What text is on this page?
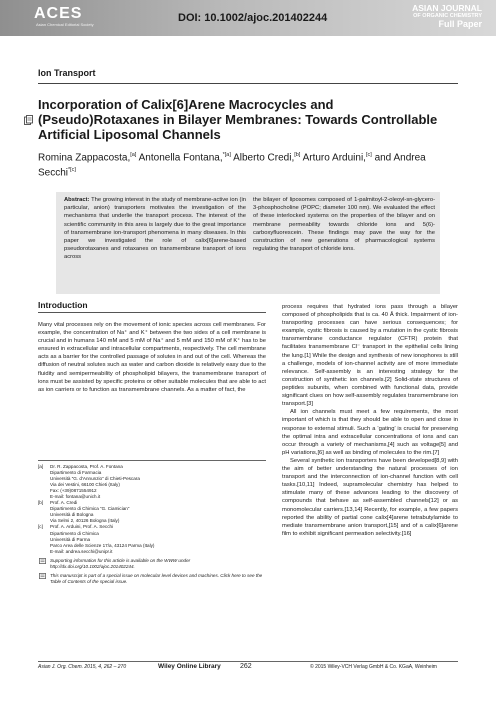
ACES
Asian Chemical Editorial Society
DOI: 10.1002/ajoc.201402244
ASIAN JOURNAL
OF ORGANIC CHEMISTRY
Full Paper
Ion Transport
Incorporation of Calix[6]Arene Macrocycles and (Pseudo)Rotaxanes in Bilayer Membranes: Towards Controllable Artificial Liposomal Channels
Romina Zappacosta,[a] Antonella Fontana,$^{*[a]}$ Alberto Credi,[b] Arturo Arduini,[c] and Andrea Secchi$^{*[c]}$
Abstract: The growing interest in the study of membrane-active ion (in particular, anion) transporters motivates the investigation of the mechanisms that underlie the transport process. The interest of the scientific community in this area is largely due to the great importance of transmembrane ion-transport phenomena in many diseases. In this paper we investigated the role of calix[6]arene-based pseudorotaxanes and rotaxanes on transmembrane transport of ions across
the bilayer of liposomes composed of 1-palmitoyl-2-oleoyl-sn-glycero-3-phosphocholine (POPC; diameter 100 nm). We evaluated the effect of these interlocked systems on the properties of the bilayer and on membrane permeability towards chloride ions and 5(6)-carboxyfluorescein. These findings may pave the way for the construction of new generations of pharmacological systems regulating the transport of chloride ions.
Introduction

Many vital processes rely on the movement of ionic species across cell membranes. For example, the concentration of Na⁺ and K⁺ between the two sides of a cell membrane is crucial and in humans 140 mM and 5 mM of Na⁺ and 5 mM and 150 mM of K⁺ has to be ensured in extracellular and intracellular compartments, respectively. The cell membrane acts as a barrier for the controlled passage of solutes in and out of the cell. Whereas the diffusion of neutral solutes such as water and carbon dioxide is relatively easy due to the fluidity and semipermeability of phospholipid bilayers, the transmembrane transport of ions must be assisted by specific proteins or other suitable molecules that are able to act as ion carriers or to function as transmembrane channels. As a matter of fact, the

process requires that hydrated ions pass through a bilayer composed of phospholipids that is ca. 40 Å thick. Impairment of ion-transporting processes can have serious consequences; for example, cystic fibrosis is caused by a mutation in the cystic fibrosis transmembrane conductance regulator (CFTR) protein that facilitates transmembrane Cl⁻ transport in the epithelial cells lining the lung.[1] While the design and synthesis of new ionophores is still a challenge, models of ion-channel activity are of more immediate relevance. Self-assembly is an interesting strategy for the construction of synthetic ion channels.[2] Solid-state structures of peptides subunits, when combined with functional data, provide significant clues on how self-assembly regulates transmembrane ion transport.[3]

All ion channels must meet a few requirements, the most important of which is that they should be able to open and close in response to external stimuli. Such a ‘gating’ is crucial for preserving the optimal intra and extracellular concentrations of ions and can occur through a variety of mechanisms,[4] such as voltage[5] and pH variations,[6] as well as binding of molecules to the rim.[7]

Several synthetic ion transporters have been developed[8,9] with the aim of better understanding the natural processes of ion transport and the interconnection of ion-channel function with cell tasks.[10,11] Indeed, supramolecular chemistry has helped to stimulate many of these advances leading to the discovery of compounds that behave as self-assembled channels[12] or as monomolecular carriers.[13,14] Recently, for example, a few papers reported the ability of partial cone calix[4]arene tetrabutylamide to mediate transmembrane anion transport,[15] and of a calix[6]arene film to exhibit significant permeation selectivity.[16]

[a]	Dr. R. Zappacosta, Prof. A. Fontana
Dipartimento di Farmacia
Università “G. d’Annunzio” di Chieti-Pescara
Via dei Vestini, 66100 Chieti (Italy)
Fax: (+39)0871554912
E-mail: fontana@unich.it
[b]	Prof. A. Credi
Dipartimento di Chimica “G. Ciamician”
Università di Bologna
Via Selmi 2, 40126 Bologna (Italy)
[c]	Prof. A. Arduini, Prof. A. Secchi
Dipartimento di Chimica
Università di Parma
Parco Area delle Scienze 17/a, 43124 Parma (Italy)
E-mail: andrea.secchi@unipr.it
Supporting information for this article is available on the WWW under http://dx.doi.org/10.1002/ajoc.201402244.
This manuscript is part of a special issue on molecular level devices and machines. Click here to see the Table of Contents of the special issue.
Asian J. Org. Chem. 2015, 4, 262 – 270	Wiley Online Library	262	© 2015 Wiley-VCH Verlag GmbH & Co. KGaA, Weinheim
